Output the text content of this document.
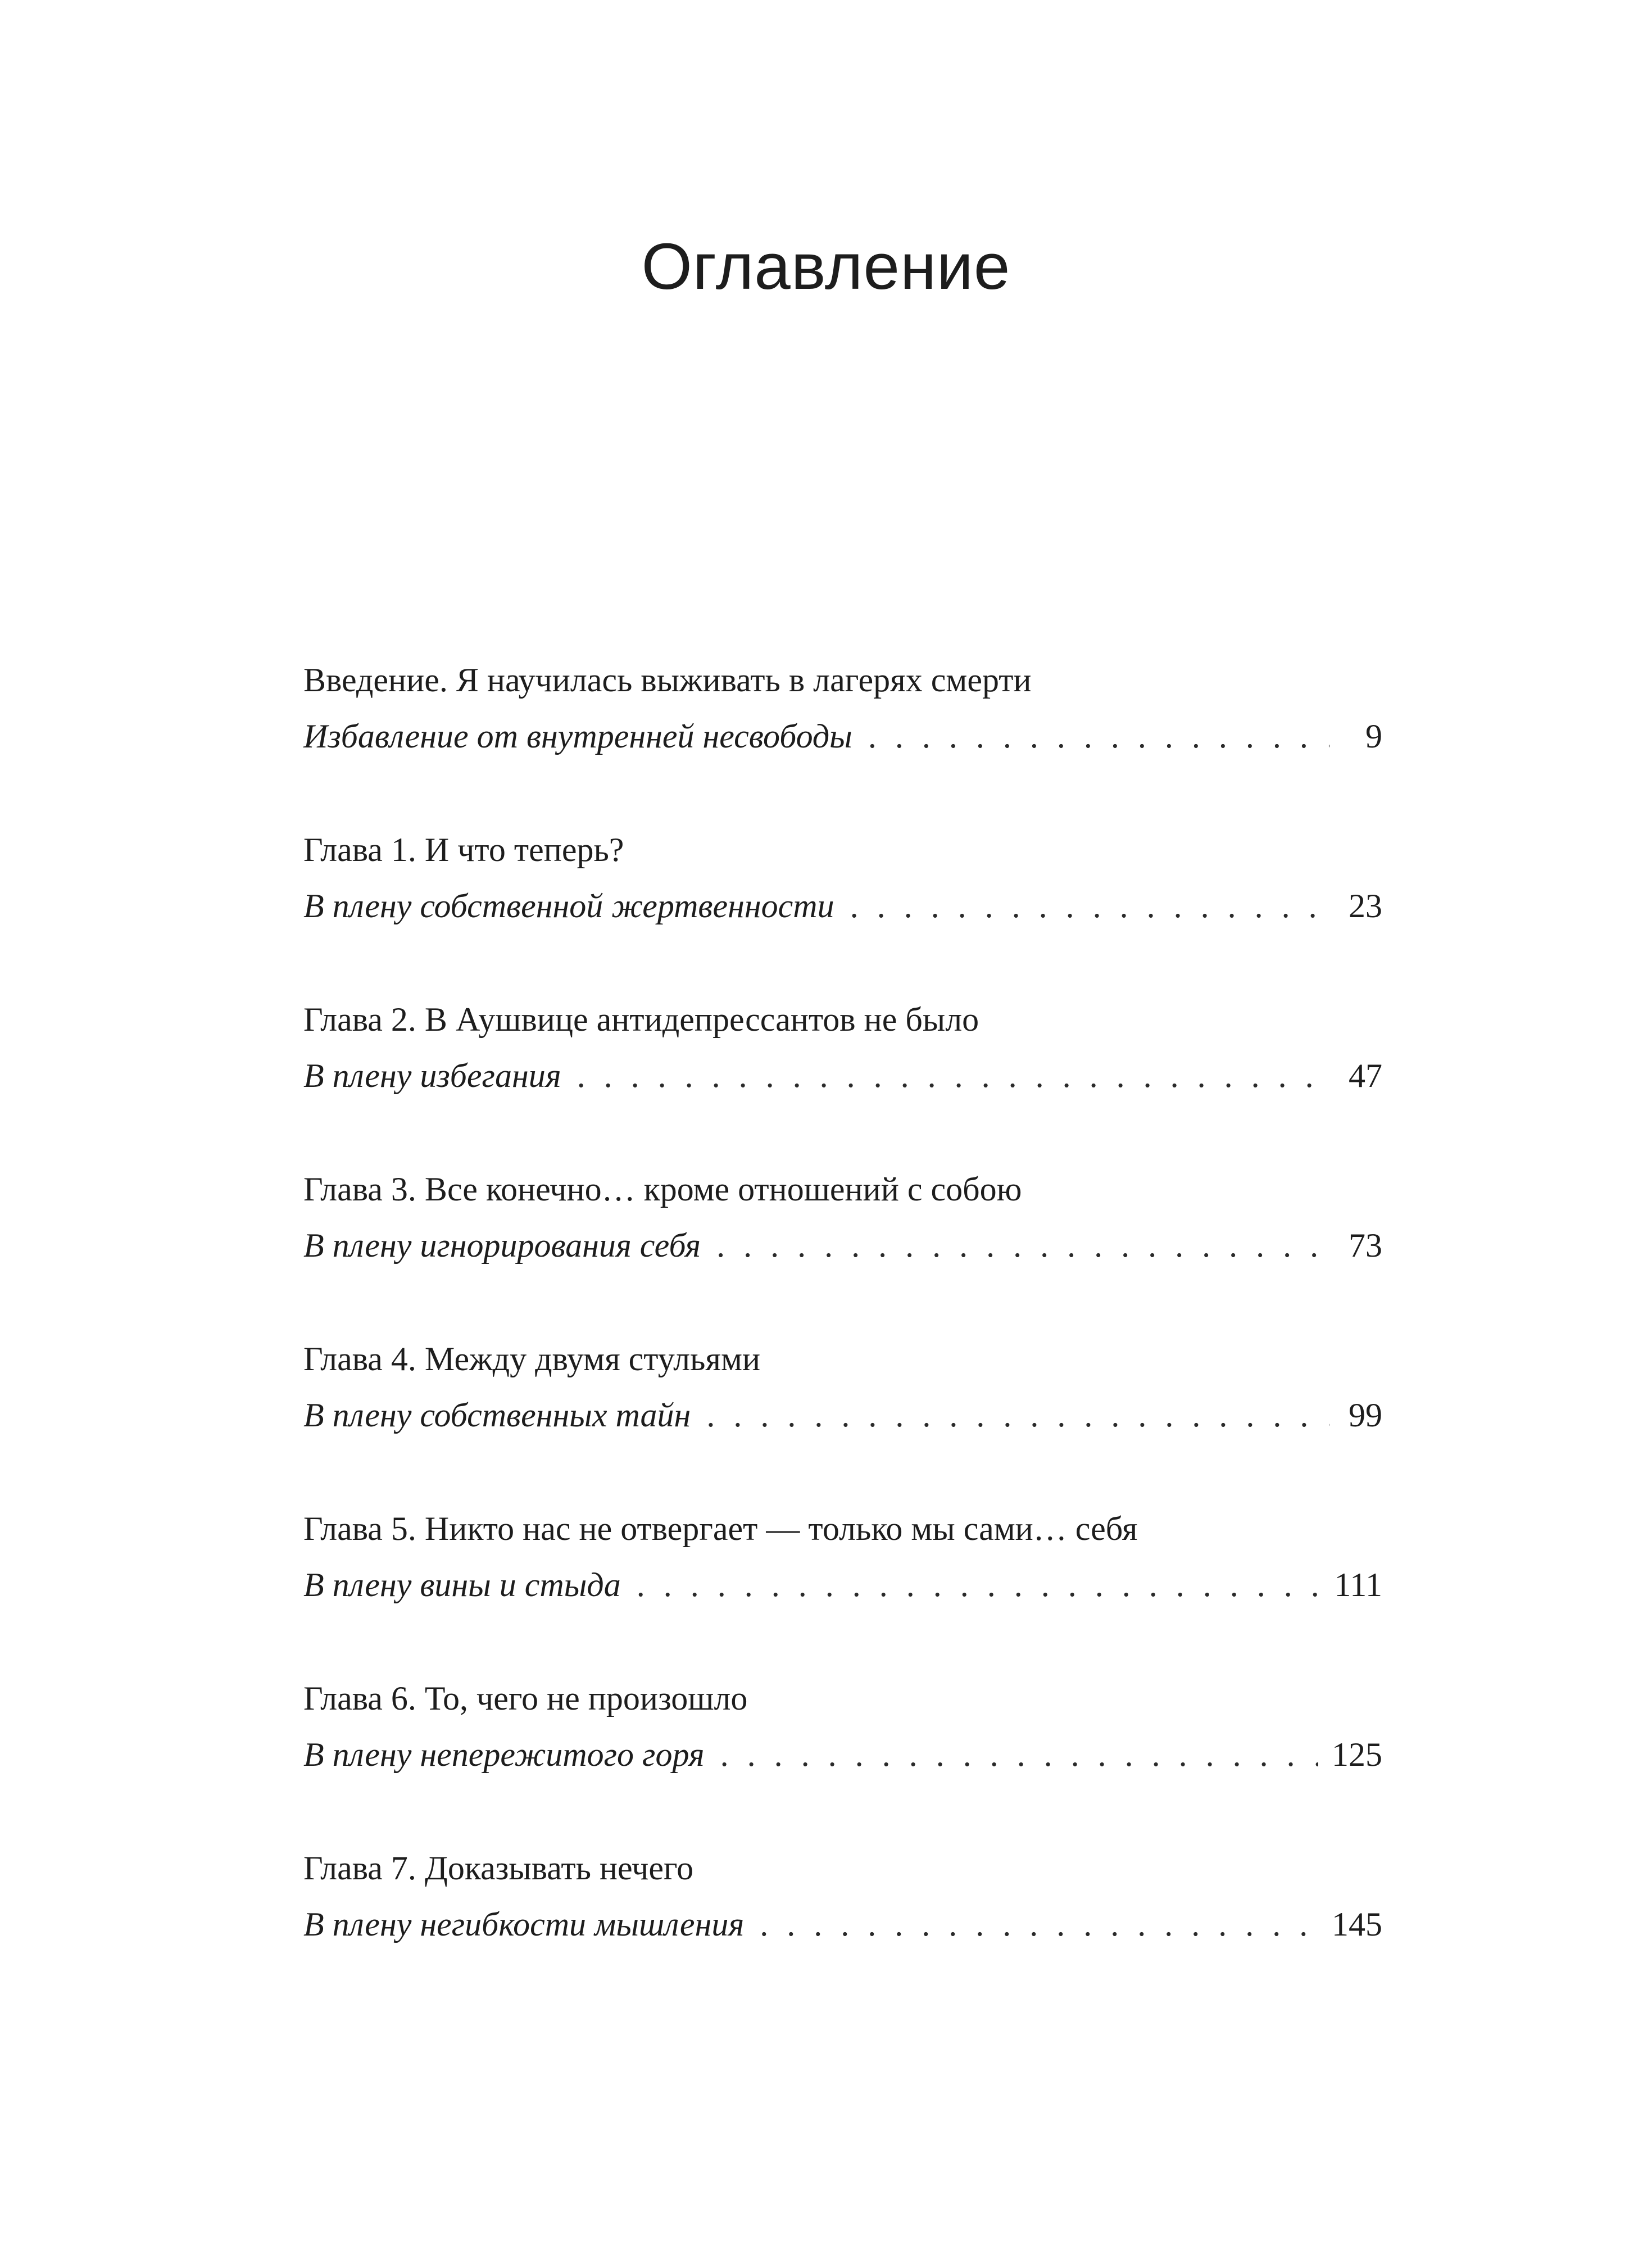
Оглавление
Введение. Я научилась выживать в лагерях смерти
Избавление от внутренней несвободы . . .	9
Глава 1. И что теперь?
В плену собственной жертвенности . . .	23
Глава 2. В Аушвице антидепрессантов не было
В плену избегания . . .	47
Глава 3. Все конечно… кроме отношений с собою
В плену игнорирования себя . . .	73
Глава 4. Между двумя стульями
В плену собственных тайн . . .	99
Глава 5. Никто нас не отвергает — только мы сами… себя
В плену вины и стыда . . .	111
Глава 6. То, чего не произошло
В плену непережитого горя . . .	125
Глава 7. Доказывать нечего
В плену негибкости мышления . . .	145
